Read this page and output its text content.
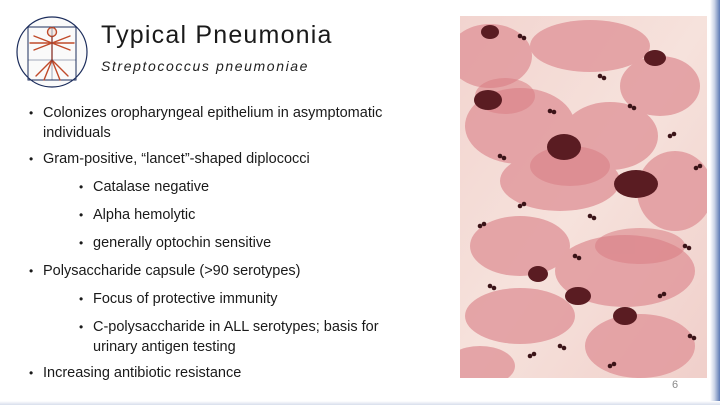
Typical Pneumonia
Streptococcus pneumoniae
• Colonizes oropharyngeal epithelium in asymptomatic individuals
• Gram-positive, “lancet”-shaped diplococci
• Catalase negative
• Alpha hemolytic
• generally optochin sensitive
• Polysaccharide capsule (>90 serotypes)
• Focus of protective immunity
• C-polysaccharide in ALL serotypes; basis for urinary antigen testing
• Increasing antibiotic resistance
6
